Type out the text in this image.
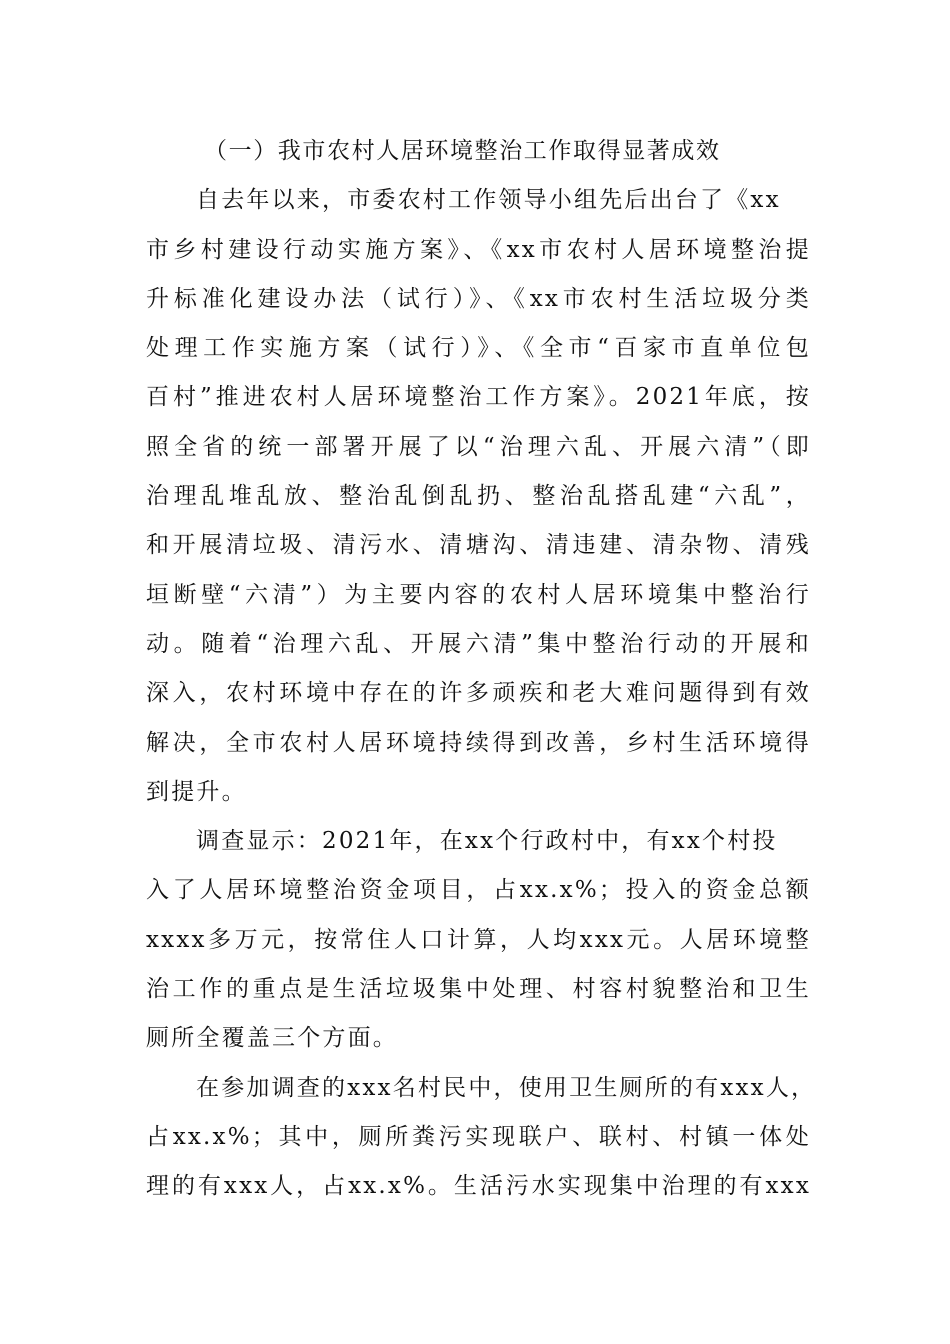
（一）我市农村人居环境整治工作取得显著成效
自去年以来，市委农村工作领导小组先后出台了《xx
市乡村建设行动实施方案》、《xx市农村人居环境整治提
升标准化建设办法（试行）》、《xx市农村生活垃圾分类
处理工作实施方案（试行）》、《全市“百家市直单位包
百村”推进农村人居环境整治工作方案》。2021年底，按
照全省的统一部署开展了以“治理六乱、开展六清”（即
治理乱堆乱放、整治乱倒乱扔、整治乱搭乱建“六乱”，
和开展清垃圾、清污水、清塘沟、清违建、清杂物、清残
垣断壁“六清”）为主要内容的农村人居环境集中整治行
动。随着“治理六乱、开展六清”集中整治行动的开展和
深入，农村环境中存在的许多顽疾和老大难问题得到有效
解决，全市农村人居环境持续得到改善，乡村生活环境得
到提升。
调查显示：2021年，在xx个行政村中，有xx个村投
入了人居环境整治资金项目，占xx.x%；投入的资金总额
xxxx多万元，按常住人口计算，人均xxx元。人居环境整
治工作的重点是生活垃圾集中处理、村容村貌整治和卫生
厕所全覆盖三个方面。
在参加调查的xxx名村民中，使用卫生厕所的有xxx人，
占xx.x%；其中，厕所粪污实现联户、联村、村镇一体处
理的有xxx人，占xx.x%。生活污水实现集中治理的有xxx
